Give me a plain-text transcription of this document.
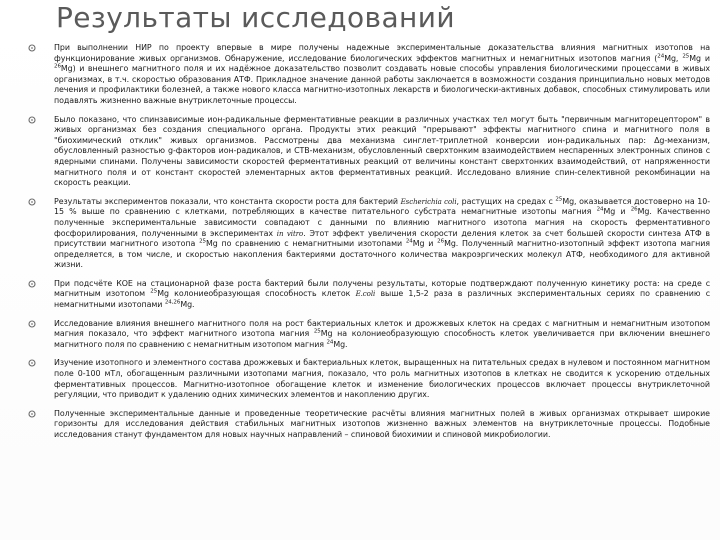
Результаты исследований
При выполнении НИР по проекту впервые в мире получены надежные экспериментальные доказательства влияния магнитных изотопов на функционирование живых организмов. Обнаружение, исследование биологических эффектов магнитных и немагнитных изотопов магния ($^{24}$Mg, $^{25}$Mg и $^{26}$Mg) и внешнего магнитного поля и их надёжное доказательство позволит создавать новые способы управления биологическими процессами в живых организмах, в т.ч. скоростью образования АТФ. Прикладное значение данной работы заключается в возможности создания принципиально новых методов лечения и профилактики болезней, а также нового класса магнитно-изотопных лекарств и биологически-активных добавок, способных стимулировать или подавлять жизненно важные внутриклеточные процессы.
Было показано, что спинзависимые ион-радикальные ферментативные реакции в различных участках тел могут быть "первичным магниторецептором" в живых организмах без создания специального органа. Продукты этих реакций "прерывают" эффекты магнитного спина и магнитного поля в "биохимический отклик" живых организмов. Рассмотрены два механизма синглет-триплетной конверсии ион-радикальных пар: Δg-механизм, обусловленный разностью g-факторов ион-радикалов, и СТВ-механизм, обусловленный сверхтонким взаимодействием неспаренных электронных спинов с ядерными спинами. Получены зависимости скоростей ферментативных реакций от величины констант сверхтонких взаимодействий, от напряженности магнитного поля и от констант скоростей элементарных актов ферментативных реакций. Исследовано влияние спин-селективной рекомбинации на скорость реакции.
Результаты экспериментов показали, что константа скорости роста для бактерий Escherichia coli, растущих на средах с $^{25}$Mg, оказывается достоверно на 10-15 % выше по сравнению с клетками, потребляющих в качестве питательного субстрата немагнитные изотопы магния $^{24}$Mg и $^{26}$Mg. Качественно полученные экспериментальные зависимости совпадают с данными по влиянию магнитного изотопа магния на скорость ферментативного фосфорилирования, полученными в экспериментах in vitro. Этот эффект увеличения скорости деления клеток за счет большей скорости синтеза АТФ в присутствии магнитного изотопа $^{25}$Mg по сравнению с немагнитными изотопами $^{24}$Mg и $^{26}$Mg. Полученный магнитно-изотопный эффект изотопа магния определяется, в том числе, и скоростью накопления бактериями достаточного количества макроэргических молекул АТФ, необходимого для активной жизни.
При подсчёте КОЕ на стационарной фазе роста бактерий были получены результаты, которые подтверждают полученную кинетику роста: на среде с магнитным изотопом $^{25}$Mg колониеобразующая способность клеток E.coli выше 1,5-2 раза в различных экспериментальных сериях по сравнению с немагнитными изотопами $^{24,26}$Mg.
Исследование влияния внешнего магнитного поля на рост бактериальных клеток и дрожжевых клеток на средах с магнитным и немагнитным изотопом магния показало, что эффект магнитного изотопа магния $^{25}$Mg на колониеобразующую способность клеток увеличивается при включении внешнего магнитного поля по сравнению с немагнитным изотопом магния $^{24}$Mg.
Изучение изотопного и элементного состава дрожжевых и бактериальных клеток, выращенных на питательных средах в нулевом и постоянном магнитном поле 0-100 мТл, обогащенным различными изотопами магния, показало, что роль магнитных изотопов в клетках не сводится к ускорению отдельных ферментативных процессов. Магнитно-изотопное обогащение клеток и изменение биологических процессов включает процессы внутриклеточной регуляции, что приводит к удалению одних химических элементов и накоплению других.
Полученные экспериментальные данные и проведенные теоретические расчёты влияния магнитных полей в живых организмах открывает широкие горизонты для исследования действия стабильных магнитных изотопов жизненно важных элементов на внутриклеточные процессы. Подобные исследования станут фундаментом для новых научных направлений – спиновой биохимии и спиновой микробиологии.
